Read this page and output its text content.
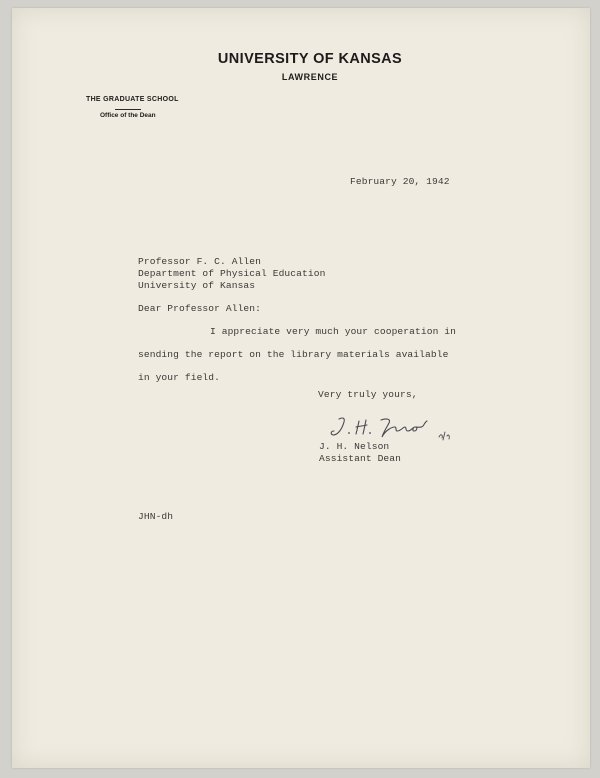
UNIVERSITY OF KANSAS
LAWRENCE
THE GRADUATE SCHOOL
Office of the Dean
February 20, 1942
Professor F. C. Allen
Department of Physical Education
University of Kansas
Dear Professor Allen:
I appreciate very much your cooperation in
sending the report on the library materials available
in your field.
Very truly yours,
J. H. Nelson
Assistant Dean
JHN-dh
